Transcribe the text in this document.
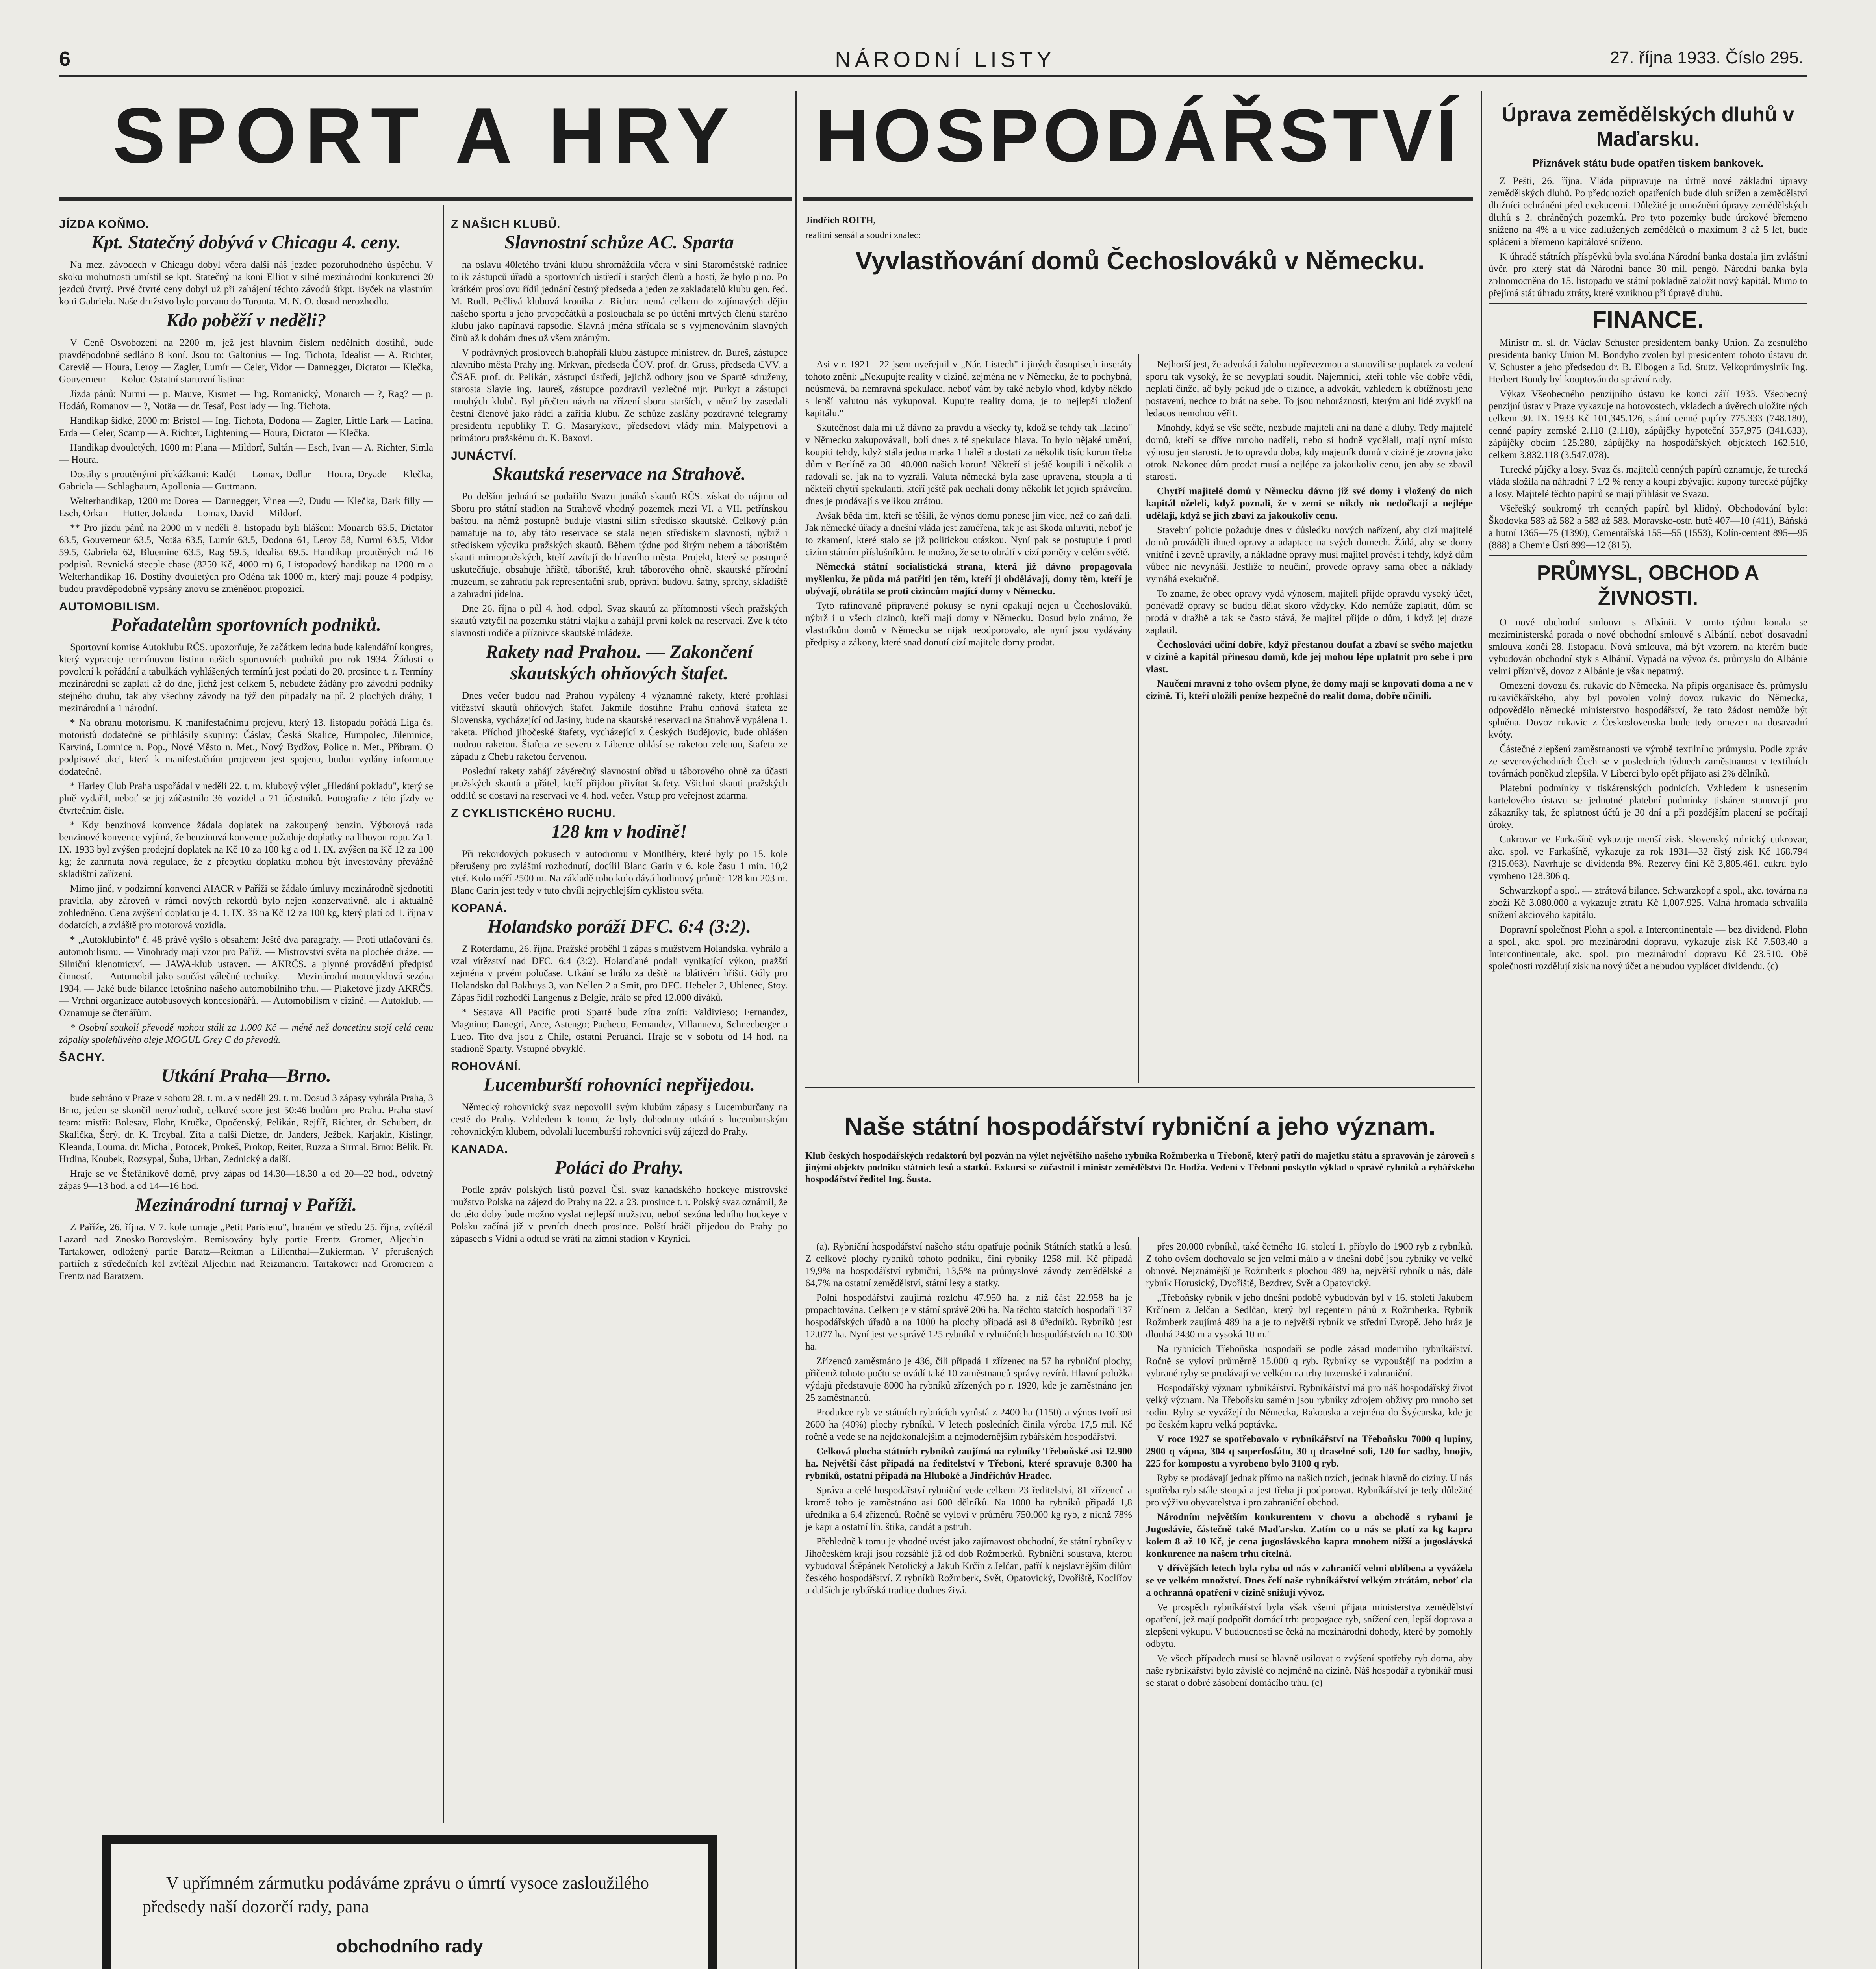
6	NÁRODNÍ LISTY	27. října 1933. Číslo 295.
SPORT A HRY	HOSPODÁŘSTVÍ
JÍZDA KOŇMO.
Kpt. Statečný dobývá v Chicagu 4. ceny.

Na mez. závodech v Chicagu dobyl včera další náš jezdec pozoruhodného úspěchu. V skoku mohutnosti umístil se kpt. Statečný na koni Elliot v silné mezinárodní konkurenci 20 jezdců čtvrtý. Prvé čtvrté ceny dobyl už při zahájení těchto závodů štkpt. Byček na vlastním koni Gabriela. Naše družstvo bylo porvano do Toronta. M. N. O. dosud nerozhodlo.

Kdo poběží v neděli?

V Ceně Osvobození na 2200 m, jež jest hlavním číslem nedělních dostihů, bude pravděpodobně sedláno 8 koní. Jsou to: Galtonius — Ing. Tichota, Idealist — A. Richter, Careviě — Houra, Leroy — Zagler, Lumír — Celer, Vidor — Dannegger, Dictator — Klečka, Gouverneur — Koloc. Ostatní startovní listina:

Jízda pánů: Nurmi — p. Mauve, Kismet — Ing. Romanický, Monarch — ?, Rag? — p. Hodáň, Romanov — ?, Notäa — dr. Tesař, Post lady — Ing. Tichota.

Handikap šídké, 2000 m: Bristol — Ing. Tichota, Dodona — Zagler, Little Lark — Lacina, Erda — Celer, Scamp — A. Richter, Lightening — Houra, Dictator — Klečka.

Handikap dvouletých, 1600 m: Plana — Mildorf, Sultán — Esch, Ivan — A. Richter, Simla — Houra.

Dostihy s proutěnými překážkami: Kadét — Lomax, Dollar — Houra, Dryade — Klečka, Gabriela — Schlagbaum, Apollonia — Guttmann.

Welterhandikap, 1200 m: Dorea — Dannegger, Vinea —?, Dudu — Klečka, Dark filly — Esch, Orkan — Hutter, Jolanda — Lomax, David — Mildorf.

** Pro jízdu pánů na 2000 m v neděli 8. listopadu byli hlášeni: Monarch 63.5, Dictator 63.5, Gouverneur 63.5, Notäa 63.5, Lumír 63.5, Dodona 61, Leroy 58, Nurmi 63.5, Vidor 59.5, Gabriela 62, Bluemine 63.5, Rag 59.5, Idealist 69.5. Handikap proutěných má 16 podpisů. Revnická steeple-chase (8250 Kč, 4000 m) 6, Listopadový handikap na 1200 m a Welterhandikap 16. Dostihy dvouletých pro Odéna tak 1000 m, který mají pouze 4 podpisy, budou pravděpodobně vypsány znovu se změněnou propozicí.

AUTOMOBILISM.
Pořadatelům sportovních podniků.

Sportovní komise Autoklubu RČS. upozorňuje, že začátkem ledna bude kalendářní kongres, který vypracuje termínovou listinu našich sportovních podniků pro rok 1934. Žádosti o povolení k pořádání a tabulkách vyhlášených termínů jest podati do 20. prosince t. r. Termíny mezinárodní se zaplatí až do dne, jichž jest celkem 5, nebudete žádány pro závodní podniky stejného druhu, tak aby všechny závody na týž den připadaly na př. 2 plochých dráhy, 1 mezinárodní a 1 národní.

* Na obranu motorismu. K manifestačnímu projevu, který 13. listopadu pořádá Liga čs. motoristů dodatečně se přihlásily skupiny: Čáslav, Česká Skalice, Humpolec, Jilemnice, Karviná, Lomnice n. Pop., Nové Město n. Met., Nový Bydžov, Police n. Met., Příbram. O podpisové akci, která k manifestačním projevem jest spojena, budou vydány informace dodatečně.

* Harley Club Praha uspořádal v neděli 22. t. m. klubový výlet „Hledání pokladu", který se plně vydařil, neboť se jej zúčastnilo 36 vozidel a 71 účastníků. Fotografie z této jízdy ve čtvrtečním čísle.

* Kdy benzinová konvence žádala doplatek na zakoupený benzin. Výborová rada benzinové konvence vyjímá, že benzinová konvence požaduje doplatky na lihovou ropu. Za 1. IX. 1933 byl zvýšen prodejní doplatek na Kč 10 za 100 kg a od 1. IX. zvýšen na Kč 12 za 100 kg; že zahrnuta nová regulace, že z přebytku doplatku mohou být investovány převážně skladištní zařízení.

Mimo jiné, v podzimní konvenci AIACR v Paříži se žádalo úmluvy mezinárodně sjednotiti pravidla, aby zároveň v rámci nových rekordů bylo nejen konzervativně, ale i aktuálně zohledněno. Cena zvýšení doplatku je 4. 1. IX. 33 na Kč 12 za 100 kg, který platí od 1. října v dodatcích, a zvláště pro motorová vozidla.

* „Autoklubinfo" č. 48 právě vyšlo s obsahem: Ještě dva paragrafy. — Proti utlačování čs. automobilismu. — Vinohrady mají vzor pro Paříž. — Mistrovství světa na plochée dráze. — Silniční klenotnictví. — JAWA-klub ustaven. — AKRČS. a plynné provádění předpisů činností. — Automobil jako součást válečné techniky. — Mezinárodní motocyklová sezóna 1934. — Jaké bude bilance letošního našeho automobilního trhu. — Plaketové jízdy AKRČS. — Vrchní organizace autobusových koncesionářů. — Automobilism v cizině. — Autoklub. — Oznamuje se čtenářům.

* Osobní soukolí převodě mohou stáli za 1.000 Kč — méně než doncetinu stojí celá cenu zápalky spolehlivého oleje MOGUL Grey C do převodů.

ŠACHY.
Utkání Praha—Brno.

bude sehráno v Praze v sobotu 28. t. m. a v neděli 29. t. m. Dosud 3 zápasy vyhrála Praha, 3 Brno, jeden se skončil nerozhodně, celkové score jest 50:46 bodům pro Prahu. Praha staví team: mistři: Bolesav, Flohr, Kručka, Opočenský, Pelikán, Rejfíř, Richter, dr. Schubert, dr. Skalička, Šerý, dr. K. Treybal, Zíta a další Dietze, dr. Janders, Ježbek, Karjakin, Kislingr, Kleanda, Louma, dr. Michal, Potocek, Prokeš, Prokop, Reiter, Ruzza a Sirmal. Brno: Bělík, Fr. Hrdina, Koubek, Rozsypal, Šuba, Urban, Zednický a další.

Hraje se ve Štefánikově domě, prvý zápas od 14.30—18.30 a od 20—22 hod., odvetný zápas 9—13 hod. a od 14—16 hod.

Mezinárodní turnaj v Paříži.

Z Paříže, 26. října. V 7. kole turnaje „Petit Parisienu", hraném ve středu 25. října, zvítězil Lazard nad Znosko-Borovským. Remisovány byly partie Frentz—Gromer, Aljechin—Tartakower, odložený partie Baratz—Reitman a Lilienthal—Zukierman. V přerušených partiích z středečních kol zvítězil Aljechin nad Reizmanem, Tartakower nad Gromerem a Frentz nad Baratzem.

Z NAŠICH KLUBŮ.
Slavnostní schůze AC. Sparta

na oslavu 40letého trvání klubu shromáždila včera v sini Staroměstské radnice tolik zástupců úřadů a sportovních ústředí i starých členů a hostí, že bylo plno. Po krátkém proslovu řídil jednání čestný předseda a jeden ze zakladatelů klubu gen. řed. M. Rudl. Pečlivá klubová kronika z. Richtra nemá celkem do zajímavých dějin našeho sportu a jeho prvopočátků a poslouchala se po úctění mrtvých členů starého klubu jako napínavá rapsodie. Slavná jména střídala se s vyjmenováním slavných činů až k dobám dnes už všem známým.

V podrávných proslovech blahopřáli klubu zástupce ministrev. dr. Bureš, zástupce hlavního města Prahy ing. Mrkvan, předseda ČOV. prof. dr. Gruss, předseda CVV. a ČSAF. prof. dr. Pelikán, zástupci ústředí, jejichž odbory jsou ve Spartě sdruženy, starosta Slavie ing. Jaureš, zástupce pozdravil vezlečné mjr. Purkyt a zástupci mnohých klubů. Byl přečten návrh na zřízení sboru starších, v němž by zasedali čestní členové jako rádci a zářitia klubu. Ze schůze zaslány pozdravné telegramy presidentu republiky T. G. Masarykovi, předsedovi vlády min. Malypetrovi a primátoru pražskému dr. K. Baxovi.

JUNÁCTVÍ.
Skautská reservace na Strahově.

Po delším jednání se podařilo Svazu junáků skautů RČS. získat do nájmu od Sboru pro státní stadion na Strahově vhodný pozemek mezi VI. a VII. petřínskou baštou, na němž postupně buduje vlastní sílim středisko skautské. Celkový plán pamatuje na to, aby táto reservace se stala nejen střediskem slavností, nýbrž i střediskem výcviku pražských skautů. Během týdne pod širým nebem a táborištěm skauti mimopražských, kteří zavítají do hlavního města. Projekt, který se postupně uskutečňuje, obsahuje hřiště, táboriště, kruh táborového ohně, skautské přírodní muzeum, se zahradu pak representační srub, oprávní budovu, šatny, sprchy, skladiště a zahradní jídelna.

Dne 26. října o půl 4. hod. odpol. Svaz skautů za přítomnosti všech pražských skautů vztyčil na pozemku státní vlajku a zahájil první kolek na reservaci. Zve k této slavnosti rodiče a příznivce skautské mládeže.

Rakety nad Prahou. — Zakončení skautských ohňových štafet.

Dnes večer budou nad Prahou vypáleny 4 významné rakety, které prohlásí vítězství skautů ohňových štafet. Jakmile dostihne Prahu ohňová štafeta ze Slovenska, vycházející od Jasiny, bude na skautské reservaci na Strahově vypálena 1. raketa. Příchod jihočeské štafety, vycházející z Českých Budějovic, bude ohlášen modrou raketou. Štafeta ze severu z Liberce ohlásí se raketou zelenou, štafeta ze západu z Chebu raketou červenou.

Poslední rakety zahájí závěrečný slavnostní obřad u táborového ohně za účasti pražských skautů a přátel, kteří přijdou přivítat štafety. Všichni skauti pražských oddílů se dostaví na reservaci ve 4. hod. večer. Vstup pro veřejnost zdarma.

Z CYKLISTICKÉHO RUCHU.
128 km v hodině!

Při rekordových pokusech v autodromu v Montlhéry, které byly po 15. kole přerušeny pro zvláštní rozhodnutí, docílil Blanc Garin v 6. kole času 1 min. 10,2 vteř. Kolo měří 2500 m. Na základě toho kolo dává hodinový průměr 128 km 203 m. Blanc Garin jest tedy v tuto chvíli nejrychlejším cyklistou světa.

KOPANÁ.
Holandsko poráží DFC. 6:4 (3:2).

Z Roterdamu, 26. října. Pražské proběhl 1 zápas s mužstvem Holandska, vyhrálo a vzal vítězství nad DFC. 6:4 (3:2). Holanďané podali vynikající výkon, pražští zejména v prvém poločase. Utkání se hrálo za deště na blátivém hřišti. Góly pro Holandsko dal Bakhuys 3, van Nellen 2 a Smit, pro DFC. Hebeler 2, Uhlenec, Stoy. Zápas řídil rozhodčí Langenus z Belgie, hrálo se před 12.000 diváků.

* Sestava All Pacific proti Spartě bude zítra zníti: Valdivieso; Fernandez, Magnino; Danegri, Arce, Astengo; Pacheco, Fernandez, Villanueva, Schneeberger a Lueo. Tito dva jsou z Chile, ostatní Peruánci. Hraje se v sobotu od 14 hod. na stadioně Sparty. Vstupné obvyklé.

ROHOVÁNÍ.
Lucemburští rohovníci nepřijedou.

Německý rohovnický svaz nepovolil svým klubům zápasy s Lucemburčany na cestě do Prahy. Vzhledem k tomu, že byly dohodnuty utkání s lucemburským rohovnickým klubem, odvolali lucemburští rohovníci svůj zájezd do Prahy.

KANADA.
Poláci do Prahy.

Podle zpráv polských listů pozval Čsl. svaz kanadského hockeye mistrovské mužstvo Polska na zájezd do Prahy na 22. a 23. prosince t. r. Polský svaz oznámil, že do této doby bude možno vyslat nejlepší mužstvo, neboť sezóna ledního hockeye v Polsku začíná již v prvních dnech prosince. Polští hráči přijedou do Prahy po zápasech s Vídní a odtud se vrátí na zimní stadion v Krynici.

V upřímném zármutku podáváme zprávu o úmrtí vysoce zasloužilého předsedy naší dozorčí rady, pana
obchodního rady
Jindřich ROITH,
realitní sensál a soudní znalec:
Vyvlastňování domů Čechoslováků v Německu.

Asi v r. 1921—22 jsem uveřejnil v „Nár. Listech" i jiných časopisech inseráty tohoto znění: „Nekupujte reality v cizině, zejména ne v Německu, že to pochybná, neúsmevá, ba nemravná spekulace, neboť vám by také nebylo vhod, kdyby někdo s lepší valutou nás vykupoval. Kupujte reality doma, je to nejlepší uložení kapitálu."

Skutečnost dala mi už dávno za pravdu a všecky ty, kdož se tehdy tak „lacino" v Německu zakupovávali, bolí dnes z té spekulace hlava. To bylo nějaké umění, koupiti tehdy, když stála jedna marka 1 haléř a dostati za několik tisíc korun třeba dům v Berlíně za 30—40.000 našich korun! Někteří si ještě koupili i několik a radovali se, jak na to vyzráli. Valuta německá byla zase upravena, stoupla a ti někteří chytří spekulanti, kteří ještě pak nechali domy několik let jejich správcům, dnes je prodávají s velikou ztrátou.

Avšak běda tím, kteří se těšili, že výnos domu ponese jim více, než co zaň dali. Jak německé úřady a dnešní vláda jest zaměřena, tak je asi škoda mluviti, neboť je to zkamení, které stalo se již politickou otázkou. Nyní pak se postupuje i proti cizím státním příslušníkům. Je možno, že se to obrátí v cizí poměry v celém světě.

Německá státní socialistická strana, která již dávno propagovala myšlenku, že půda má patřiti jen těm, kteří ji obdělávají, domy těm, kteří je obývají, obrátila se proti cizincům mající domy v Německu.

Tyto rafinované připravené pokusy se nyní opakují nejen u Čechoslováků, nýbrž i u všech cizinců, kteří mají domy v Německu. Dosud bylo známo, že vlastníkům domů v Německu se nijak neodporovalo, ale nyní jsou vydávány předpisy a zákony, které snad donutí cizí majitele domy prodat.

Nejhorší jest, že advokáti žalobu nepřevezmou a stanovili se poplatek za vedení sporu tak vysoký, že se nevyplatí soudit. Nájemníci, kteří tohle vše dobře vědí, neplatí činže, ač byly pokud jde o cizince, a advokát, vzhledem k obtížnosti jeho postavení, nechce to brát na sebe. To jsou nehoráznosti, kterým ani lidé zvyklí na ledacos nemohou věřit.

Mnohdy, když se vše sečte, nezbude majiteli ani na daně a dluhy. Tedy majitelé domů, kteří se dříve mnoho nadřeli, nebo si hodně vydělali, mají nyní místo výnosu jen starosti. Je to opravdu doba, kdy majetník domů v cizině je zrovna jako otrok. Nakonec dům prodat musí a nejlépe za jakoukoliv cenu, jen aby se zbavil starostí.

Chytří majitelé domů v Německu dávno již své domy i vložený do nich kapitál oželeli, když poznali, že v zemi se nikdy nic nedočkají a nejlépe udělají, když se jich zbaví za jakoukoliv cenu.

Stavební policie požaduje dnes v důsledku nových nařízení, aby cizí majitelé domů prováděli ihned opravy a adaptace na svých domech. Žádá, aby se domy vnitřně i zevně upravily, a nákladné opravy musí majitel provést i tehdy, když dům vůbec nic nevynáší. Jestliže to neučiní, provede opravy sama obec a náklady vymáhá exekučně.

To zname, že obec opravy vydá výnosem, majiteli přijde opravdu vysoký účet, poněvadž opravy se budou dělat skoro vždycky. Kdo nemůže zaplatit, dům se prodá v dražbě a tak se často stává, že majitel přijde o dům, i když jej draze zaplatil.

Čechoslováci učiní dobře, když přestanou doufat a zbaví se svého majetku v cizině a kapitál přinesou domů, kde jej mohou lépe uplatnit pro sebe i pro vlast.

Naučení mravní z toho ovšem plyne, že domy mají se kupovati doma a ne v cizině. Ti, kteří uložili peníze bezpečně do realit doma, dobře učinili.

Naše státní hospodářství rybniční a jeho význam.
Klub českých hospodářských redaktorů byl pozván na výlet největšího našeho rybníka Rožmberka u Třeboně, který patří do majetku státu a spravován je zároveň s jinými objekty podniku státních lesů a statků. Exkursi se zúčastnil i ministr zemědělství Dr. Hodža. Vedení v Třeboni poskytlo výklad o správě rybníků a rybářského hospodářství ředitel Ing. Šusta.

(a). Rybniční hospodářství našeho státu opatřuje podnik Státních statků a lesů. Z celkové plochy rybníků tohoto podniku, činí rybníky 1258 mil. Kč připadá 19,9% na hospodářství rybniční, 13,5% na průmyslové závody zemědělské a 64,7% na ostatní zemědělství, státní lesy a statky.

Polní hospodářství zaujímá rozlohu 47.950 ha, z níž část 22.958 ha je propachtována. Celkem je v státní správě 206 ha. Na těchto statcích hospodaří 137 hospodářských úřadů a na 1000 ha plochy připadá asi 8 úředníků. Rybníků jest 12.077 ha. Nyní jest ve správě 125 rybníků v rybničních hospodářstvích na 10.300 ha.

Zřízenců zaměstnáno je 436, čili připadá 1 zřízenec na 57 ha rybniční plochy, přičemž tohoto počtu se uvádí také 10 zaměstnanců správy revírů. Hlavní položka výdajů představuje 8000 ha rybníků zřízených po r. 1920, kde je zaměstnáno jen 25 zaměstnanců.

Produkce ryb ve státních rybnících vyrůstá z 2400 ha (1150) a výnos tvoří asi 2600 ha (40%) plochy rybníků. V letech posledních činila výroba 17,5 mil. Kč ročně a vede se na nejdokonalejším a nejmodernějším rybářském hospodářství.

Celková plocha státních rybníků zaujímá na rybníky Třeboňské asi 12.900 ha. Největší část připadá na ředitelství v Třeboni, které spravuje 8.300 ha rybníků, ostatní připadá na Hluboké a Jindřichův Hradec.

Správa a celé hospodářství rybniční vede celkem 23 ředitelství, 81 zřízenců a kromě toho je zaměstnáno asi 600 dělníků. Na 1000 ha rybníků připadá 1,8 úředníka a 6,4 zřízenců. Ročně se vyloví v průměru 750.000 kg ryb, z nichž 78% je kapr a ostatní lín, štika, candát a pstruh.

Přehledně k tomu je vhodné uvést jako zajímavost obchodní, že státní rybníky v Jihočeském kraji jsou rozsáhlé již od dob Rožmberků. Rybniční soustava, kterou vybudoval Štěpánek Netolický a Jakub Krčín z Jelčan, patří k nejslavnějším dílům českého hospodářství. Z rybníků Rožmberk, Svět, Opatovický, Dvořiště, Koclířov a dalších je rybářská tradice dodnes živá.

přes 20.000 rybníků, také četného 16. století 1. přibylo do 1900 ryb z rybníků. Z toho ovšem dochovalo se jen velmi málo a v dnešní době jsou rybníky ve velké obnově. Nejznámější je Rožmberk s plochou 489 ha, největší rybník u nás, dále rybník Horusický, Dvořiště, Bezdrev, Svět a Opatovický.

„Třeboňský rybník v jeho dnešní podobě vybudován byl v 16. století Jakubem Krčínem z Jelčan a Sedlčan, který byl regentem pánů z Rožmberka. Rybník Rožmberk zaujímá 489 ha a je to největší rybník ve střední Evropě. Jeho hráz je dlouhá 2430 m a vysoká 10 m."

Na rybnících Třeboňska hospodaří se podle zásad moderního rybníkářství. Ročně se vyloví průměrně 15.000 q ryb. Rybníky se vypouštějí na podzim a vybrané ryby se prodávají ve velkém na trhy tuzemské i zahraniční.

Hospodářský význam rybníkářství. Rybníkářství má pro náš hospodářský život velký význam. Na Třeboňsku samém jsou rybníky zdrojem obživy pro mnoho set rodin. Ryby se vyvážejí do Německa, Rakouska a zejména do Švýcarska, kde je po českém kapru velká poptávka.

V roce 1927 se spotřebovalo v rybníkářství na Třeboňsku 7000 q lupiny, 2900 q vápna, 304 q superfosfátu, 30 q draselné soli, 120 for sadby, hnojiv, 225 for kompostu a vyrobeno bylo 3100 q ryb.

Ryby se prodávají jednak přímo na našich trzích, jednak hlavně do ciziny. U nás spotřeba ryb stále stoupá a jest třeba ji podporovat. Rybníkářství je tedy důležité pro výživu obyvatelstva i pro zahraniční obchod.

Národním největším konkurentem v chovu a obchodě s rybami je Jugoslávie, částečně také Maďarsko. Zatím co u nás se platí za kg kapra kolem 8 až 10 Kč, je cena jugoslávského kapra mnohem nižší a jugoslávská konkurence na našem trhu citelná.

V dřívějších letech byla ryba od nás v zahraničí velmi oblíbena a vyvážela se ve velkém množství. Dnes čelí naše rybníkářství velkým ztrátám, neboť cla a ochranná opatření v cizině snižují vývoz.

Ve prospěch rybníkářství byla však všemi přijata ministerstva zemědělství opatření, jež mají podpořit domácí trh: propagace ryb, snížení cen, lepší doprava a zlepšení výkupu. V budoucnosti se čeká na mezinárodní dohody, které by pomohly odbytu.

Ve všech případech musí se hlavně usilovat o zvýšení spotřeby ryb doma, aby naše rybníkářství bylo závislé co nejméně na cizině. Náš hospodář a rybníkář musí se starat o dobré zásobení domácího trhu. (c)

Úprava zemědělských dluhů v Maďarsku.
Přiznávek státu bude opatřen tiskem bankovek.

Z Pešti, 26. října. Vláda připravuje na úrtně nové základní úpravy zemědělských dluhů. Po předchozích opatřeních bude dluh snížen a zemědělství dlužníci ochráněni před exekucemi. Důležité je umožnění úpravy zemědělských dluhů s 2. chráněných pozemků. Pro tyto pozemky bude úrokové břemeno sníženo na 4% a u více zadlužených zemědělců o maximum 3 až 5 let, bude splácení a břemeno kapitálové sníženo.

K úhradě státních příspěvků byla svolána Národní banka dostala jim zvláštní úvěr, pro který stát dá Národní bance 30 mil. pengö. Národní banka byla zplnomocněna do 15. listopadu ve státní pokladně založit nový kapitál. Mimo to přejímá stát úhradu ztráty, které vzniknou při úpravě dluhů.

FINANCE.

Ministr m. sl. dr. Václav Schuster presidentem banky Union. Za zesnulého presidenta banky Union M. Bondyho zvolen byl presidentem tohoto ústavu dr. V. Schuster a jeho předsedou dr. B. Elbogen a Ed. Stutz. Velkoprůmyslník Ing. Herbert Bondy byl kooptován do správní rady.

Výkaz Všeobecného penzijního ústavu ke konci září 1933. Všeobecný penzijní ústav v Praze vykazuje na hotovostech, vkladech a úvěrech uložitelných celkem 30. IX. 1933 Kč 101,345.126, státní cenné papíry 775.333 (748.180), cenné papíry zemské 2.118 (2.118), zápůjčky hypoteční 357,975 (341.633), zápůjčky obcím 125.280, zápůjčky na hospodářských objektech 162.510, celkem 3.832.118 (3.547.078).

Turecké půjčky a losy. Svaz čs. majitelů cenných papírů oznamuje, že turecká vláda složila na náhradní 7 1/2 % renty a koupí zbývající kupony turecké půjčky a losy. Majitelé těchto papírů se mají přihlásit ve Svazu.

Všeřešký soukromý trh cenných papírů byl klidný. Obchodování bylo: Škodovka 583 až 582 a 583 až 583, Moravsko-ostr. hutě 407—10 (411), Báňská a hutní 1365—75 (1390), Cementářská 155—55 (1553), Kolín-cement 895—95 (888) a Chemie Ústí 899—12 (815).

PRŮMYSL, OBCHOD A ŽIVNOSTI.

O nové obchodní smlouvu s Albánii. V tomto týdnu konala se meziministerská porada o nové obchodní smlouvě s Albánií, neboť dosavadní smlouva končí 28. listopadu. Nová smlouva, má být vzorem, na kterém bude vybudován obchodní styk s Albánií. Vypadá na vývoz čs. průmyslu do Albánie velmi příznivě, dovoz z Albánie je však nepatrný.

Omezení dovozu čs. rukavic do Německa. Na přípis organisace čs. průmyslu rukavičkářského, aby byl povolen volný dovoz rukavic do Německa, odpovědělo německé ministerstvo hospodářství, že tato žádost nemůže být splněna. Dovoz rukavic z Československa bude tedy omezen na dosavadní kvóty.

Částečné zlepšení zaměstnanosti ve výrobě textilního průmyslu. Podle zpráv ze severovýchodních Čech se v posledních týdnech zaměstnanost v textilních továrnách poněkud zlepšila. V Liberci bylo opět přijato asi 2% dělníků.

Platební podmínky v tiskárenských podnicích. Vzhledem k usnesením kartelového ústavu se jednotné platební podmínky tiskáren stanovují pro zákazníky tak, že splatnost účtů je 30 dní a při pozdějším placení se počítají úroky.

Cukrovar ve Farkašíně vykazuje menší zisk. Slovenský rolnický cukrovar, akc. spol. ve Farkašíně, vykazuje za rok 1931—32 čistý zisk Kč 168.794 (315.063). Navrhuje se dividenda 8%. Rezervy činí Kč 3,805.461, cukru bylo vyrobeno 128.306 q.

Schwarzkopf a spol. — ztrátová bilance. Schwarzkopf a spol., akc. továrna na zboží Kč 3.080.000 a vykazuje ztrátu Kč 1,007.925. Valná hromada schválila snížení akciového kapitálu.

Dopravní společnost Plohn a spol. a Intercontinentale — bez dividend. Plohn a spol., akc. spol. pro mezinárodní dopravu, vykazuje zisk Kč 7.503,40 a Intercontinentale, akc. spol. pro mezinárodní dopravu Kč 23.510. Obě společnosti rozdělují zisk na nový účet a nebudou vyplácet dividendu. (c)
